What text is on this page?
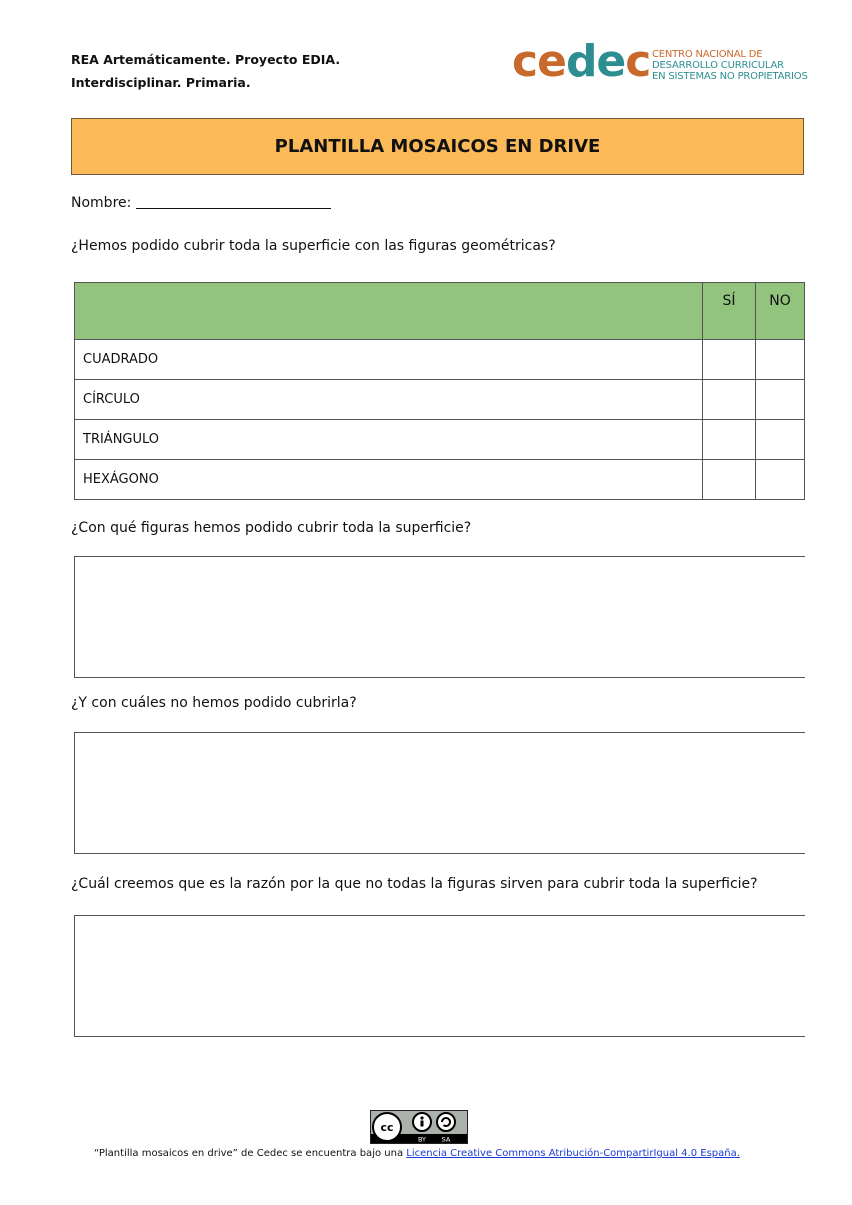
REA Artemáticamente. Proyecto EDIA.
Interdisciplinar. Primaria.	cedec CENTRO NACIONAL DE
DESARROLLO CURRICULAR
EN SISTEMAS NO PROPIETARIOS
PLANTILLA MOSAICOS EN DRIVE
Nombre:
¿Hemos podido cubrir toda la superficie con las figuras geométricas?
	SÍ	NO
CUADRADO		
CÍRCULO		
TRIÁNGULO		
HEXÁGONO		
¿Con qué figuras hemos podido cubrir toda la superficie?
¿Y con cuáles no hemos podido cubrirla?
¿Cuál creemos que es la razón por la que no todas la figuras sirven para cubrir toda la superficie?
cc
BY SA
“Plantilla mosaicos en drive” de Cedec se encuentra bajo una Licencia Creative Commons Atribución-CompartirIgual 4.0 España.
